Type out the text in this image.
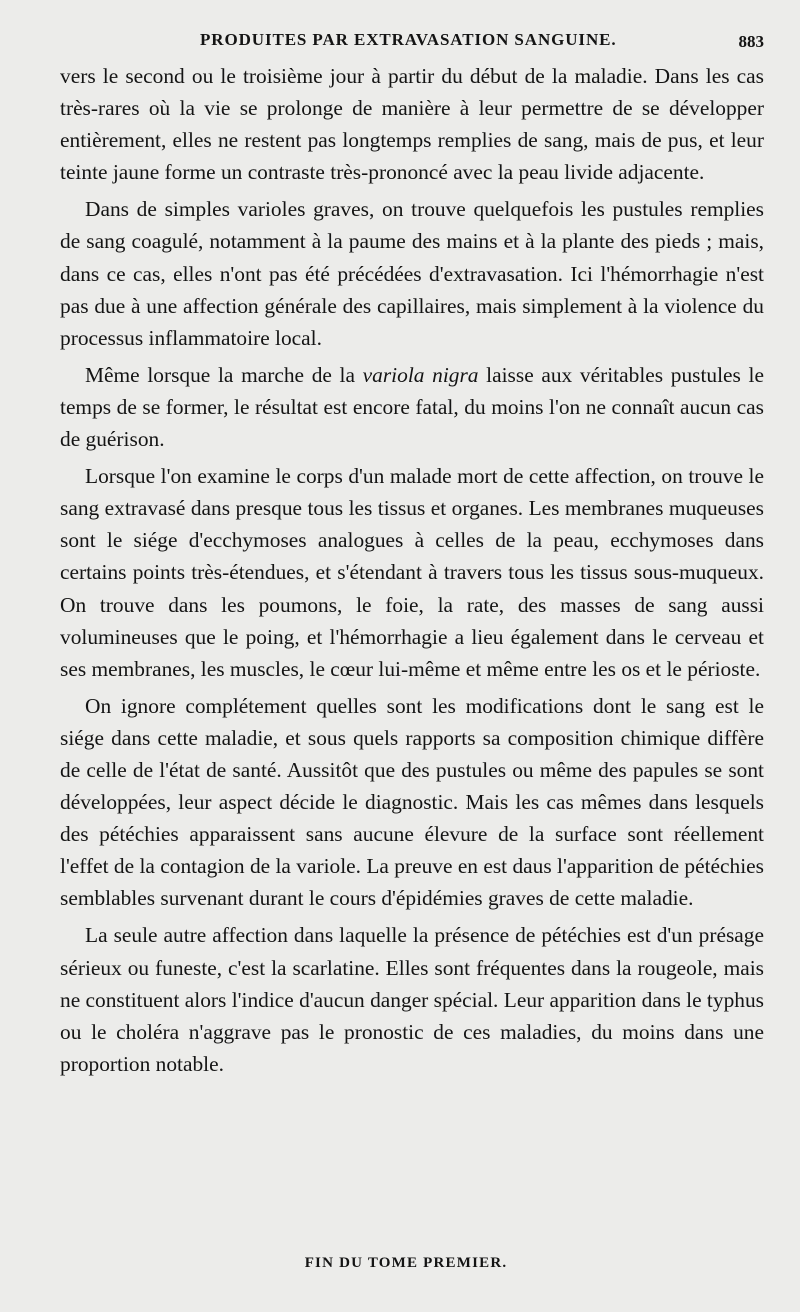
PRODUITES PAR EXTRAVASATION SANGUINE.	883

vers le second ou le troisième jour à partir du début de la maladie. Dans les cas très-rares où la vie se prolonge de manière à leur permettre de se développer entièrement, elles ne restent pas longtemps remplies de sang, mais de pus, et leur teinte jaune forme un contraste très-prononcé avec la peau livide adjacente.

Dans de simples varioles graves, on trouve quelquefois les pustules remplies de sang coagulé, notamment à la paume des mains et à la plante des pieds ; mais, dans ce cas, elles n'ont pas été précédées d'extravasation. Ici l'hémorrhagie n'est pas due à une affection générale des capillaires, mais simplement à la violence du processus inflammatoire local.

Même lorsque la marche de la variola nigra laisse aux véritables pustules le temps de se former, le résultat est encore fatal, du moins l'on ne connaît aucun cas de guérison.

Lorsque l'on examine le corps d'un malade mort de cette affection, on trouve le sang extravasé dans presque tous les tissus et organes. Les membranes muqueuses sont le siége d'ecchymoses analogues à celles de la peau, ecchymoses dans certains points très-étendues, et s'étendant à travers tous les tissus sous-muqueux. On trouve dans les poumons, le foie, la rate, des masses de sang aussi volumineuses que le poing, et l'hémorrhagie a lieu également dans le cerveau et ses membranes, les muscles, le cœur lui-même et même entre les os et le périoste.

On ignore complétement quelles sont les modifications dont le sang est le siége dans cette maladie, et sous quels rapports sa composition chimique diffère de celle de l'état de santé. Aussitôt que des pustules ou même des papules se sont développées, leur aspect décide le diagnostic. Mais les cas mêmes dans lesquels des pétéchies apparaissent sans aucune élevure de la surface sont réellement l'effet de la contagion de la variole. La preuve en est daus l'apparition de pétéchies semblables survenant durant le cours d'épidémies graves de cette maladie.

La seule autre affection dans laquelle la présence de pétéchies est d'un présage sérieux ou funeste, c'est la scarlatine. Elles sont fréquentes dans la rougeole, mais ne constituent alors l'indice d'aucun danger spécial. Leur apparition dans le typhus ou le choléra n'aggrave pas le pronostic de ces maladies, du moins dans une proportion notable.

FIN DU TOME PREMIER.
